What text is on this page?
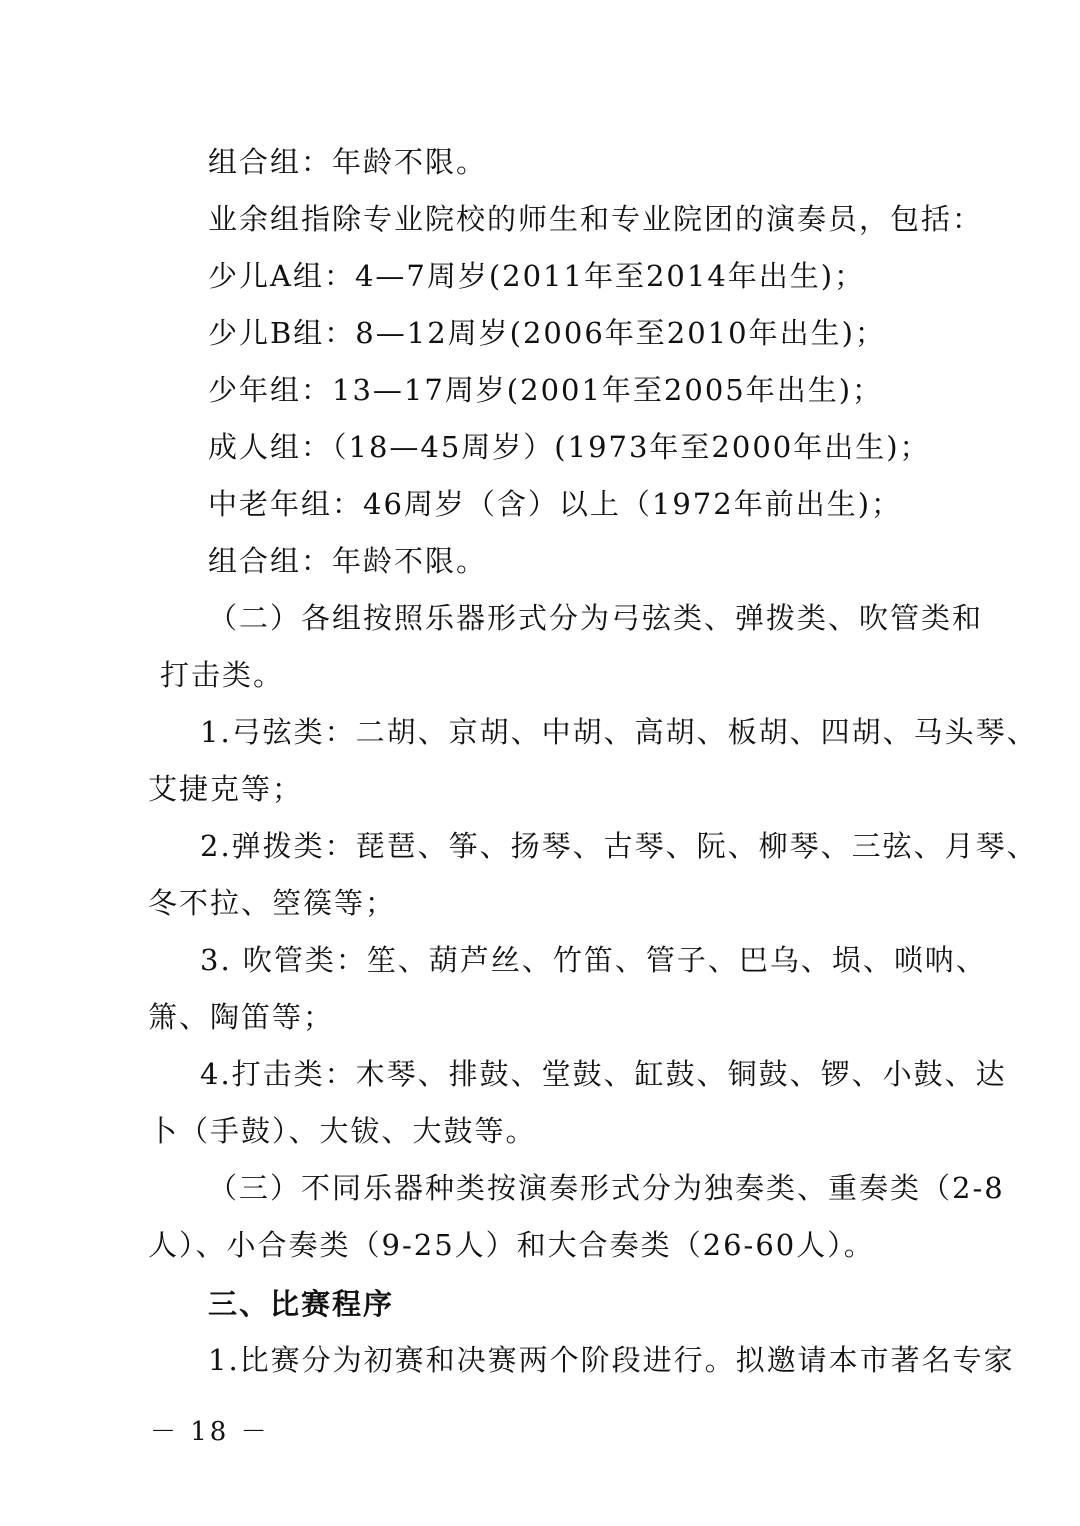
组合组：年龄不限。
业余组指除专业院校的师生和专业院团的演奏员，包括：
少儿A组：4—7周岁(2011年至2014年出生)；
少儿B组：8—12周岁(2006年至2010年出生)；
少年组：13—17周岁(2001年至2005年出生)；
成人组：（18—45周岁）(1973年至2000年出生)；
中老年组：46周岁（含）以上（1972年前出生)；
组合组：年龄不限。
（二）各组按照乐器形式分为弓弦类、弹拨类、吹管类和
打击类。
1.弓弦类：二胡、京胡、中胡、高胡、板胡、四胡、马头琴、
艾捷克等；
2.弹拨类：琵琶、筝、扬琴、古琴、阮、柳琴、三弦、月琴、
冬不拉、箜篌等；
3. 吹管类：笙、葫芦丝、竹笛、管子、巴乌、埙、唢呐、
箫、陶笛等；
4.打击类：木琴、排鼓、堂鼓、缸鼓、铜鼓、锣、小鼓、达
卜（手鼓）、大钹、大鼓等。
（三）不同乐器种类按演奏形式分为独奏类、重奏类（2-8
人）、小合奏类（9-25人）和大合奏类（26-60人）。
三、比赛程序
1.比赛分为初赛和决赛两个阶段进行。拟邀请本市著名专家
－ 18 －
